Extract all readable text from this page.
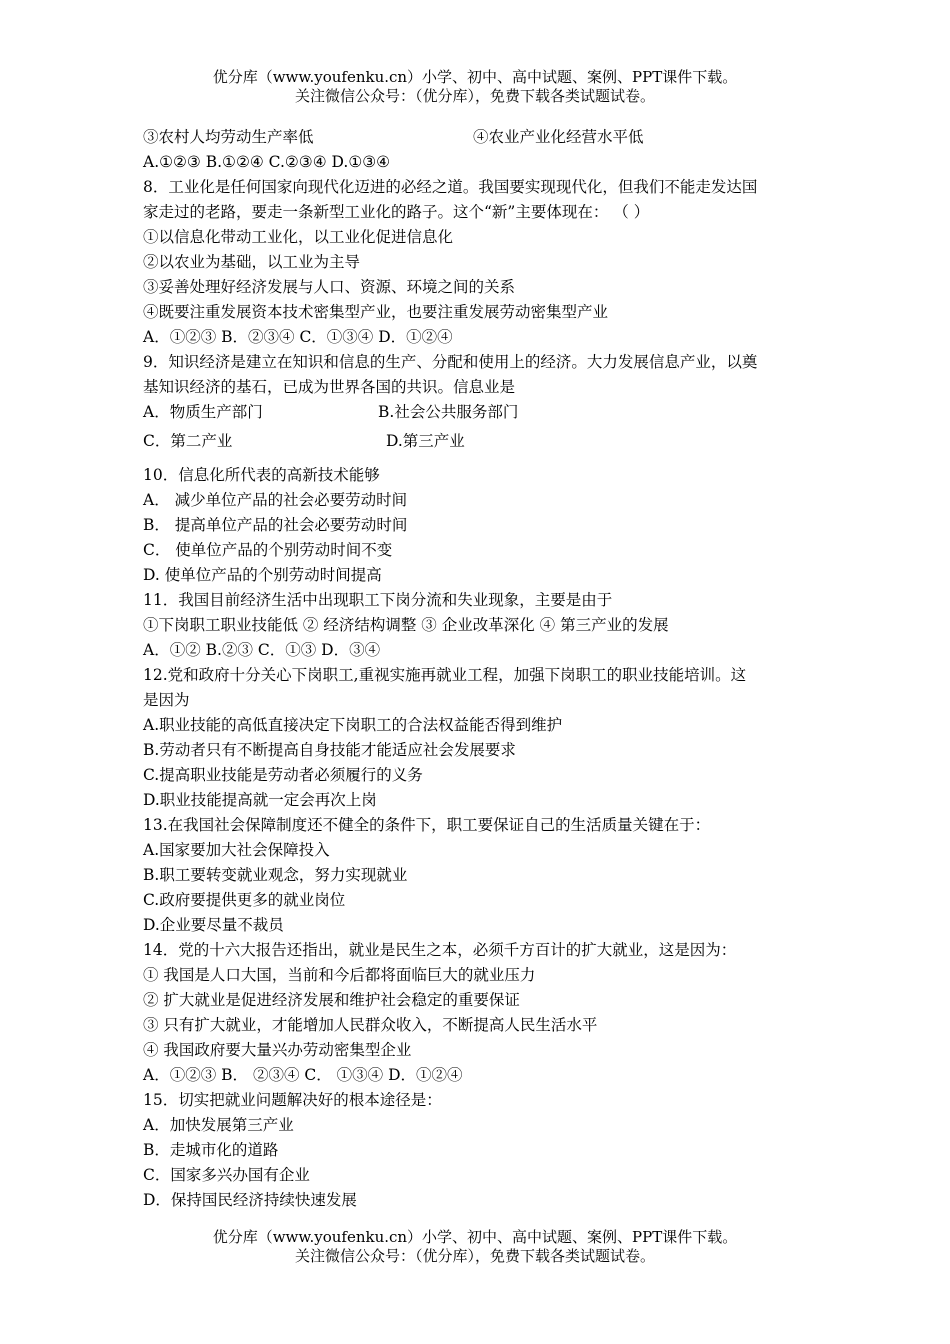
优分库（www.youfenku.cn）小学、初中、高中试题、案例、PPT课件下载。
关注微信公众号：（优分库），免费下载各类试题试卷。
③农村人均劳动生产率低	④农业产业化经营水平低
A.①②③ B.①②④ C.②③④ D.①③④
8．工业化是任何国家向现代化迈进的必经之道。我国要实现现代化，但我们不能走发达国
家走过的老路，要走一条新型工业化的路子。这个“新”主要体现在： （ ）
①以信息化带动工业化，以工业化促进信息化
②以农业为基础，以工业为主导
③妥善处理好经济发展与人口、资源、环境之间的关系
④既要注重发展资本技术密集型产业，也要注重发展劳动密集型产业
A．①②③ B．②③④ C．①③④ D．①②④
9．知识经济是建立在知识和信息的生产、分配和使用上的经济。大力发展信息产业，以奠
基知识经济的基石，已成为世界各国的共识。信息业是
A．物质生产部门	B.社会公共服务部门
C．第二产业	D.第三产业
10．信息化所代表的高新技术能够
A． 减少单位产品的社会必要劳动时间
B． 提高单位产品的社会必要劳动时间
C． 使单位产品的个别劳动时间不变
D. 使单位产品的个别劳动时间提高
11．我国目前经济生活中出现职工下岗分流和失业现象，主要是由于
①下岗职工职业技能低 ② 经济结构调整 ③ 企业改革深化 ④ 第三产业的发展
A．①② B.②③ C．①③ D．③④
12.党和政府十分关心下岗职工,重视实施再就业工程，加强下岗职工的职业技能培训。这
是因为
A.职业技能的高低直接决定下岗职工的合法权益能否得到维护
B.劳动者只有不断提高自身技能才能适应社会发展要求
C.提高职业技能是劳动者必须履行的义务
D.职业技能提高就一定会再次上岗
13.在我国社会保障制度还不健全的条件下，职工要保证自己的生活质量关键在于：
A.国家要加大社会保障投入
B.职工要转变就业观念，努力实现就业
C.政府要提供更多的就业岗位
D.企业要尽量不裁员
14．党的十六大报告还指出，就业是民生之本，必须千方百计的扩大就业，这是因为：
① 我国是人口大国，当前和今后都将面临巨大的就业压力
② 扩大就业是促进经济发展和维护社会稳定的重要保证
③ 只有扩大就业，才能增加人民群众收入，不断提高人民生活水平
④ 我国政府要大量兴办劳动密集型企业
A．①②③ B． ②③④ C． ①③④ D．①②④
15．切实把就业问题解决好的根本途径是：
A．加快发展第三产业
B．走城市化的道路
C．国家多兴办国有企业
D．保持国民经济持续快速发展
优分库（www.youfenku.cn）小学、初中、高中试题、案例、PPT课件下载。
关注微信公众号：（优分库），免费下载各类试题试卷。
